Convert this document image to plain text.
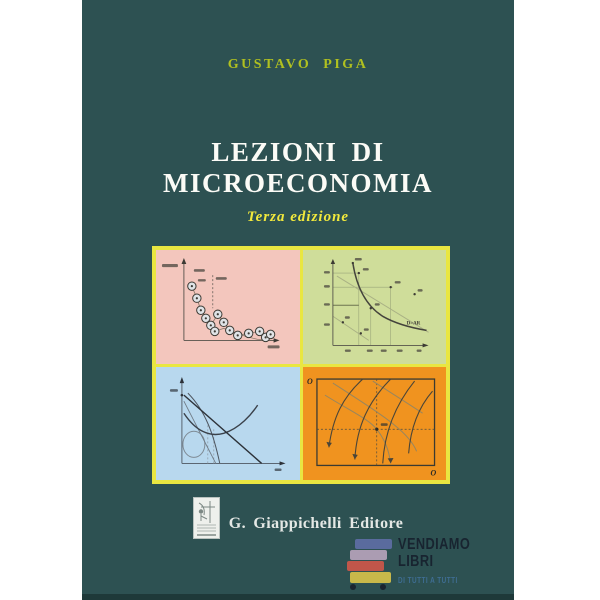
GUSTAVO PIGA
LEZIONI DI
MICROECONOMIA
Terza edizione
D=AR
O
O
G. Giappichelli Editore
VENDIAMO
LIBRI
DI TUTTI A TUTTI
